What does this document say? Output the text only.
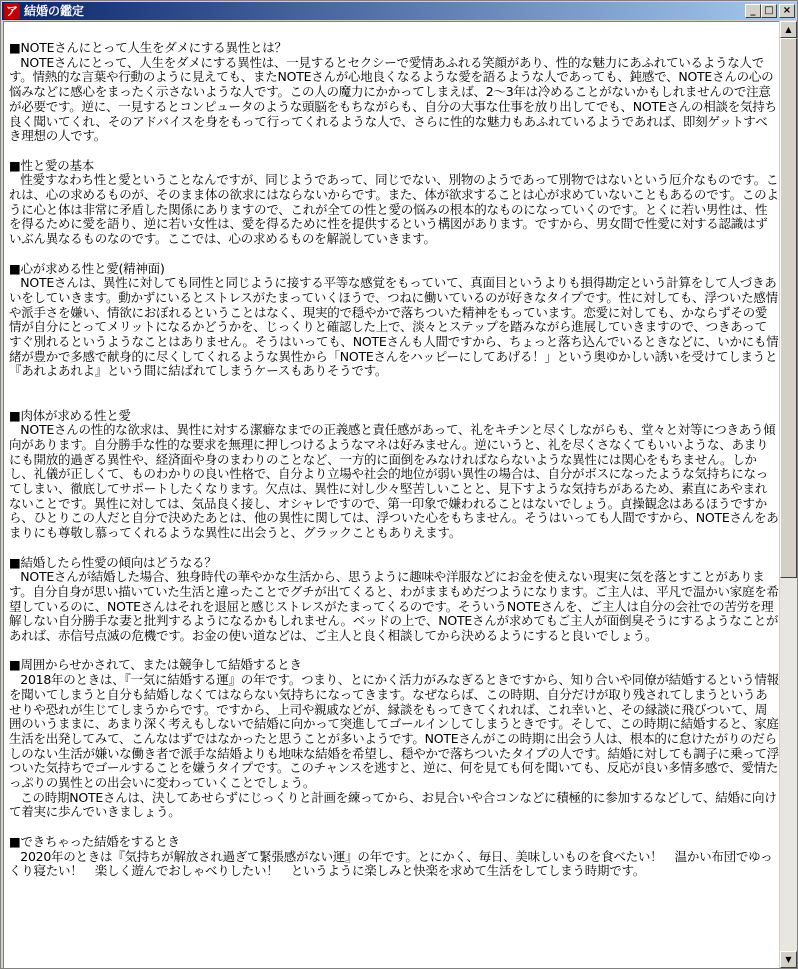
ア 結婚の鑑定	_ □ ×
■NOTEさんにとって人生をダメにする異性とは？
NOTEさんにとって、人生をダメにする異性は、一見するとセクシーで愛情あふれる笑顔があり、性的な魅力にあふれているような人です。情熱的な言葉や行動のように見えても、またNOTEさんが心地良くなるような愛を語るような人であっても、鈍感で、NOTEさんの心の悩みなどに感心をまったく示さないような人です。この人の魔力にかかってしまえば、2～3年は冷めることがないかもしれませんので注意が必要です。逆に、一見するとコンピュータのような頭脳をもちながらも、自分の大事な仕事を放り出してでも、NOTEさんの相談を気持ち良く聞いてくれ、そのアドバイスを身をもって行ってくれるような人で、さらに性的な魅力もあふれているようであれば、即刻ゲットすべき理想の人です。
■性と愛の基本
性愛すなわち性と愛ということなんですが、同じようであって、同じでない、別物のようであって別物ではないという厄介なものです。これは、心の求めるものが、そのまま体の欲求にはならないからです。また、体が欲求することは心が求めていないこともあるのです。このように心と体は非常に矛盾した関係にありますので、これが全ての性と愛の悩みの根本的なものになっていくのです。とくに若い男性は、性を得るために愛を語り、逆に若い女性は、愛を得るために性を提供するという構図があります。ですから、男女間で性愛に対する認識はずいぶん異なるものなのです。ここでは、心の求めるものを解説していきます。
■心が求める性と愛(精神面)
NOTEさんは、異性に対しても同性と同じように接する平等な感覚をもっていて、真面目というよりも損得勘定という計算をして人づきあいをしていきます。動かずにいるとストレスがたまっていくほうで、つねに働いているのが好きなタイプです。性に対しても、浮ついた感情や派手さを嫌い、情欲におぼれるということはなく、現実的で穏やかで落ちついた精神をもっています。恋愛に対しても、かならずその愛情が自分にとってメリットになるかどうかを、じっくりと確認した上で、淡々とステップを踏みながら進展していきますので、つきあってすぐ別れるというようなことはありません。そうはいっても、NOTEさんも人間ですから、ちょっと落ち込んでいるときなどに、いかにも情緒が豊かで多感で献身的に尽くしてくれるような異性から「NOTEさんをハッピーにしてあげる！」という奥ゆかしい誘いを受けてしまうと『あれよあれよ』という間に結ばれてしまうケースもありそうです。
■肉体が求める性と愛
NOTEさんの性的な欲求は、異性に対する潔癖なまでの正義感と責任感があって、礼をキチンと尽くしながらも、堂々と対等につきあう傾向があります。自分勝手な性的な要求を無理に押しつけるようなマネは好みません。逆にいうと、礼を尽くさなくてもいいような、あまりにも開放的過ぎる異性や、経済面や身のまわりのことなど、一方的に面倒をみなければならないような異性には関心をもちません。しかし、礼儀が正しくて、ものわかりの良い性格で、自分より立場や社会的地位が弱い異性の場合は、自分がボスになったような気持ちになってしまい、徹底してサポートしたくなります。欠点は、異性に対し少々堅苦しいことと、見下すような気持ちがあるため、素直にあやまれないことです。異性に対しては、気品良く接し、オシャレですので、第一印象で嫌われることはないでしょう。貞操観念はあるほうですから、ひとりこの人だと自分で決めたあとは、他の異性に関しては、浮ついた心をもちません。そうはいっても人間ですから、NOTEさんをあまりにも尊敬し慕ってくれるような異性に出会うと、グラックこともありえます。
■結婚したら性愛の傾向はどうなる？
NOTEさんが結婚した場合、独身時代の華やかな生活から、思うように趣味や洋服などにお金を使えない現実に気を落とすことがあります。自分自身が思い描いていた生活と違ったことでグチが出てくると、わがままもめだつようになります。ご主人は、平凡で温かい家庭を希望しているのに、NOTEさんはそれを退屈と感じストレスがたまってくるのです。そういうNOTEさんを、ご主人は自分の会社での苦労を理解しない自分勝手な妻と批判するようになるかもしれません。ベッドの上で、NOTEさんが求めてもご主人が面倒臭そうにするようなことがあれば、赤信号点滅の危機です。お金の使い道などは、ご主人と良く相談してから決めるようにすると良いでしょう。
■周囲からせかされて、または競争して結婚するとき
2018年のときは、『一気に結婚する運』の年です。つまり、とにかく活力がみなぎるときですから、知り合いや同僚が結婚するという情報を聞いてしまうと自分も結婚しなくてはならない気持ちになってきます。なぜならば、この時期、自分だけが取り残されてしまうというあせりや恐れが生じてしまうからです。ですから、上司や親戚などが、縁談をもってきてくれれば、これ幸いと、その縁談に飛びついて、周囲のいうままに、あまり深く考えもしないで結婚に向かって突進してゴールインしてしまうときです。そして、この時期に結婚すると、家庭生活を出発してみて、こんなはずではなかったと思うことが多いようです。NOTEさんがこの時期に出会う人は、根本的に怠けたがりのだらしのない生活が嫌いな働き者で派手な結婚よりも地味な結婚を希望し、穏やかで落ちついたタイプの人です。結婚に対しても調子に乗って浮ついた気持ちでゴールすることを嫌うタイプです。このチャンスを逃すと、逆に、何を見ても何を聞いても、反応が良い多情多感で、愛情たっぷりの異性との出会いに変わっていくことでしょう。
この時期NOTEさんは、決してあせらずにじっくりと計画を練ってから、お見合いや合コンなどに積極的に参加するなどして、結婚に向けて着実に歩んでいきましょう。
■できちゃった結婚をするとき
2020年のときは『気持ちが解放され過ぎて緊張感がない運』の年です。とにかく、毎日、美味しいものを食べたい！　温かい布団でゆっくり寝たい！　楽しく遊んでおしゃべりしたい！　というように楽しみと快楽を求めて生活をしてしまう時期です。
▲
▼
